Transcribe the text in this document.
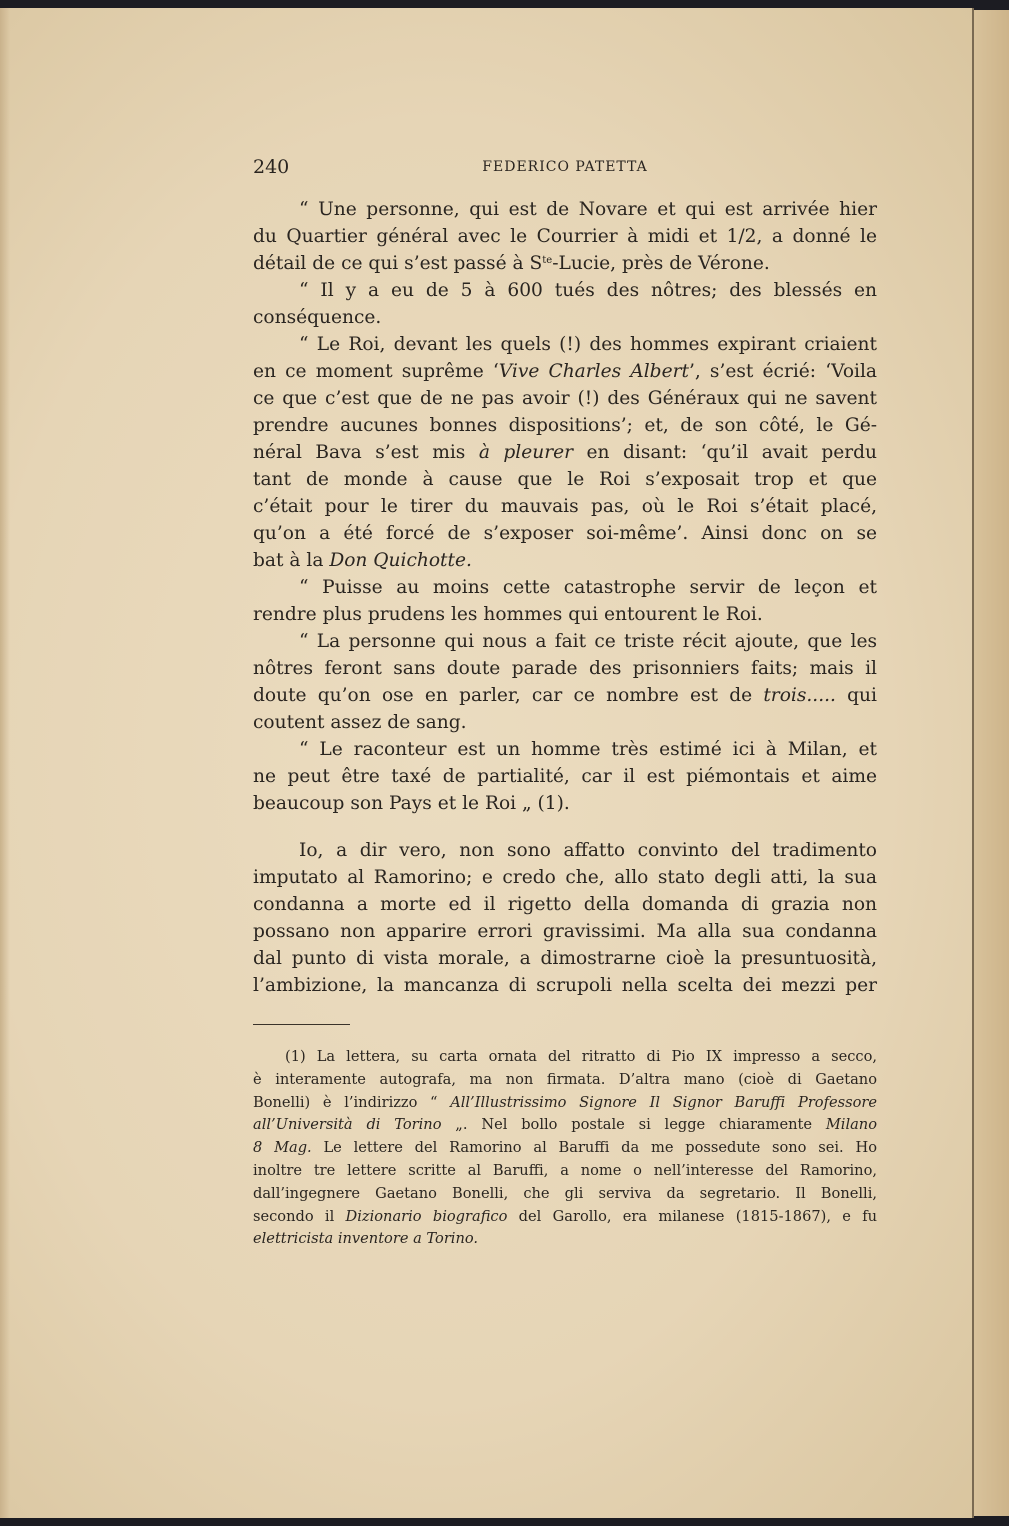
240	FEDERICO PATETTA
“ Une personne, qui est de Novare et qui est arrivée hier
du Quartier général avec le Courrier à midi et 1/2, a donné le
détail de ce qui s’est passé à $S^{te}$-Lucie, près de Vérone.
“ Il y a eu de 5 à 600 tués des nôtres; des blessés en
conséquence.
“ Le Roi, devant les quels (!) des hommes expirant criaient
en ce moment suprême ‘Vive Charles Albert’, s’est écrié: ‘Voila
ce que c’est que de ne pas avoir (!) des Généraux qui ne savent
prendre aucunes bonnes dispositions’; et, de son côté, le Gé-
néral Bava s’est mis à pleurer en disant: ‘qu’il avait perdu
tant de monde à cause que le Roi s’exposait trop et que
c’était pour le tirer du mauvais pas, où le Roi s’était placé,
qu’on a été forcé de s’exposer soi-même’. Ainsi donc on se
bat à la Don Quichotte.
“ Puisse au moins cette catastrophe servir de leçon et
rendre plus prudens les hommes qui entourent le Roi.
“ La personne qui nous a fait ce triste récit ajoute, que les
nôtres feront sans doute parade des prisonniers faits; mais il
doute qu’on ose en parler, car ce nombre est de trois..... qui
coutent assez de sang.
“ Le raconteur est un homme très estimé ici à Milan, et
ne peut être taxé de partialité, car il est piémontais et aime
beaucoup son Pays et le Roi „ (1).
Io, a dir vero, non sono affatto convinto del tradimento
imputato al Ramorino; e credo che, allo stato degli atti, la sua
condanna a morte ed il rigetto della domanda di grazia non
possano non apparire errori gravissimi. Ma alla sua condanna
dal punto di vista morale, a dimostrarne cioè la presuntuosità,
l’ambizione, la mancanza di scrupoli nella scelta dei mezzi per
(1) La lettera, su carta ornata del ritratto di Pio IX impresso a secco,
è interamente autografa, ma non firmata. D’altra mano (cioè di Gaetano
Bonelli) è l’indirizzo “ All’Illustrissimo Signore Il Signor Baruffi Professore
all’Università di Torino „. Nel bollo postale si legge chiaramente Milano
8 Mag. Le lettere del Ramorino al Baruffi da me possedute sono sei. Ho
inoltre tre lettere scritte al Baruffi, a nome o nell’interesse del Ramorino,
dall’ingegnere Gaetano Bonelli, che gli serviva da segretario. Il Bonelli,
secondo il Dizionario biografico del Garollo, era milanese (1815-1867), e fu
elettricista inventore a Torino.
